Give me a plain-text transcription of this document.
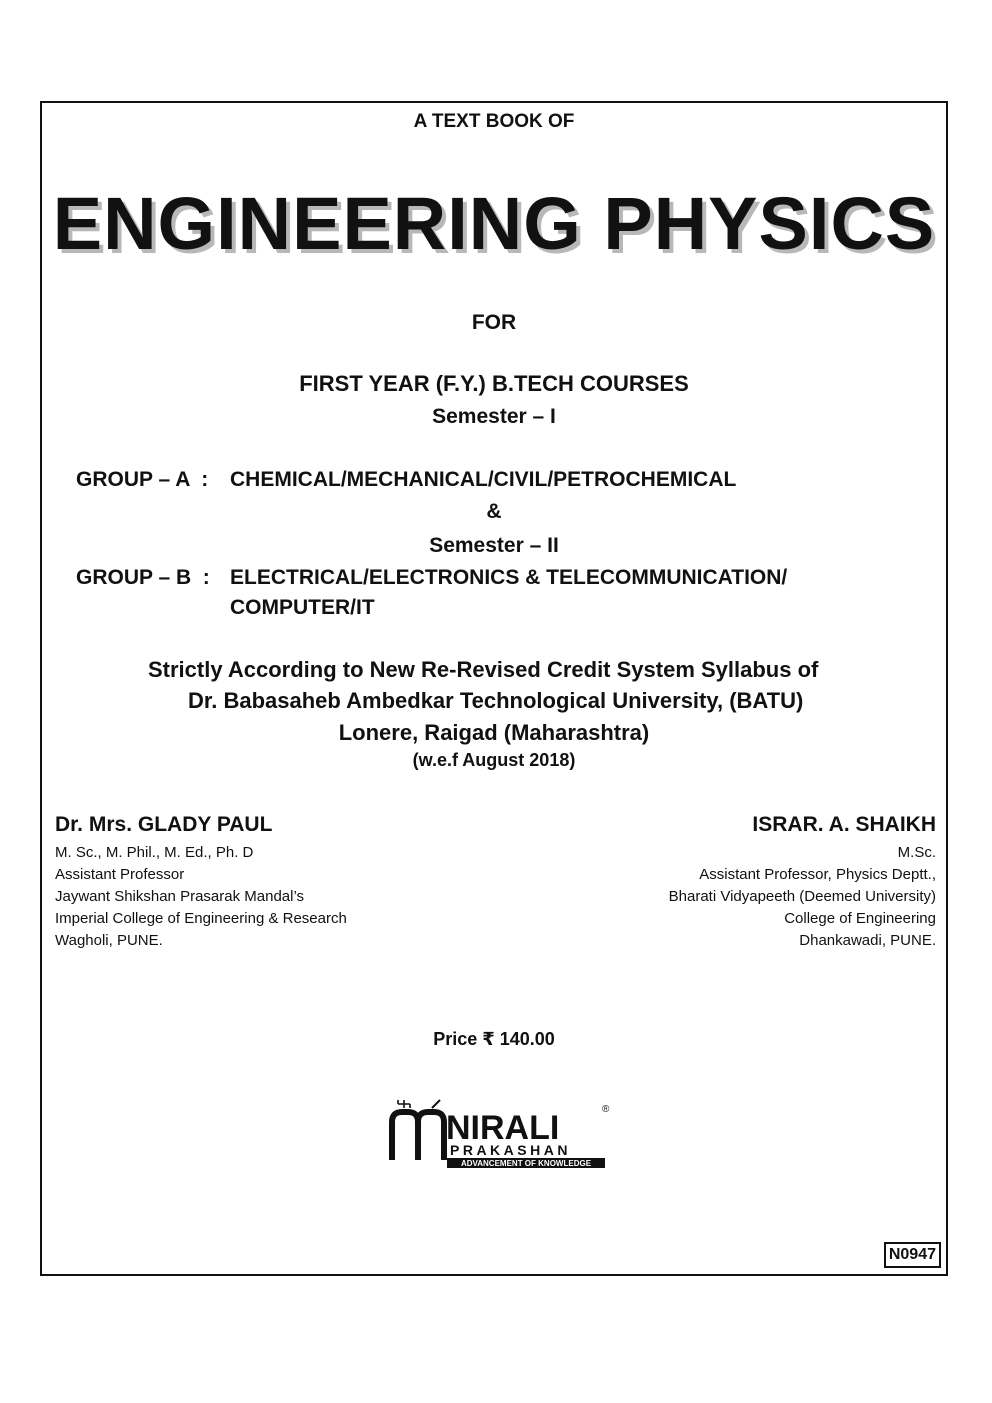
A TEXT BOOK OF
ENGINEERING PHYSICS
FOR
FIRST YEAR (F.Y.) B.TECH COURSES
Semester – I
GROUP – A  : CHEMICAL/MECHANICAL/CIVIL/PETROCHEMICAL
&
Semester – II
GROUP – B  : ELECTRICAL/ELECTRONICS & TELECOMMUNICATION/
COMPUTER/IT
Strictly According to New Re-Revised Credit System Syllabus of
Dr. Babasaheb Ambedkar Technological University, (BATU)
Lonere, Raigad (Maharashtra)
(w.e.f August 2018)
Dr. Mrs. GLADY PAUL
M. Sc., M. Phil., M. Ed., Ph. D
Assistant Professor
Jaywant Shikshan Prasarak Mandal’s
Imperial College of Engineering & Research
Wagholi, PUNE.
ISRAR. A. SHAIKH
M.Sc.
Assistant Professor, Physics Deptt.,
Bharati Vidyapeeth (Deemed University)
College of Engineering
Dhankawadi, PUNE.
Price ₹ 140.00
NIRALI	®
PRAKASHAN
ADVANCEMENT OF KNOWLEDGE
N0947
